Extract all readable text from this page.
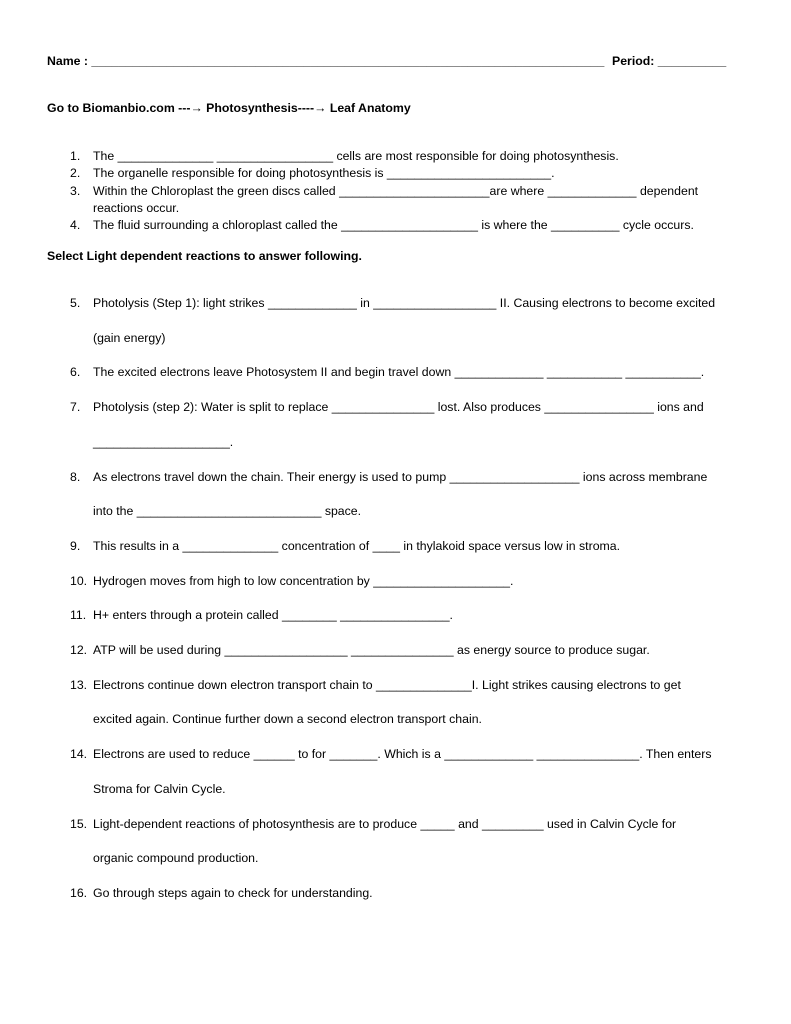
Name : ___________________________________________________________________________ Period: __________
Go to Biomanbio.com ---→ Photosynthesis----→ Leaf Anatomy
1. The ______________ _________________ cells are most responsible for doing photosynthesis.
2. The organelle responsible for doing photosynthesis is ________________________.
3. Within the Chloroplast the green discs called ______________________are where _____________ dependent
reactions occur.
4. The fluid surrounding a chloroplast called the ____________________ is where the __________ cycle occurs.
Select Light dependent reactions to answer following.
5. Photolysis (Step 1): light strikes _____________ in __________________ II. Causing electrons to become excited
(gain energy)
6. The excited electrons leave Photosystem II and begin travel down _____________ ___________ ___________.
7. Photolysis (step 2): Water is split to replace _______________ lost. Also produces ________________ ions and
____________________.
8. As electrons travel down the chain. Their energy is used to pump ___________________ ions across membrane
into the ___________________________ space.
9. This results in a ______________ concentration of ____ in thylakoid space versus low in stroma.
10. Hydrogen moves from high to low concentration by ____________________.
11. H+ enters through a protein called ________ ________________.
12. ATP will be used during __________________ _______________ as energy source to produce sugar.
13. Electrons continue down electron transport chain to ______________I. Light strikes causing electrons to get
excited again. Continue further down a second electron transport chain.
14. Electrons are used to reduce ______ to for _______. Which is a _____________ _______________. Then enters
Stroma for Calvin Cycle.
15. Light-dependent reactions of photosynthesis are to produce _____ and _________ used in Calvin Cycle for
organic compound production.
16. Go through steps again to check for understanding.
